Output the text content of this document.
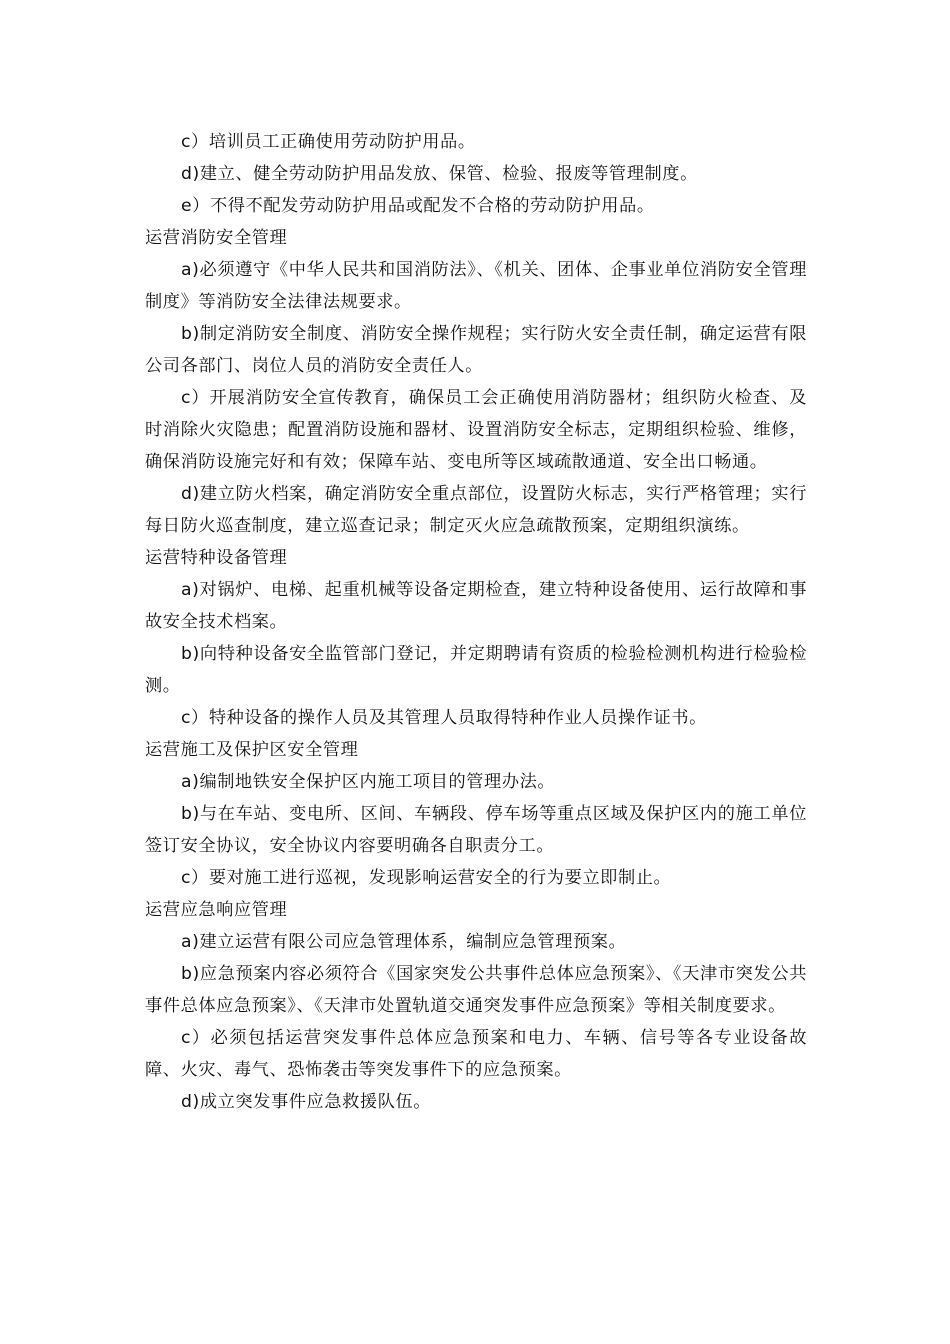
c）培训员工正确使用劳动防护用品。

d)建立、健全劳动防护用品发放、保管、检验、报废等管理制度。

e）不得不配发劳动防护用品或配发不合格的劳动防护用品。

运营消防安全管理

a)必须遵守《中华人民共和国消防法》、《机关、团体、企事业单位消防安全管理制度》等消防安全法律法规要求。

b)制定消防安全制度、消防安全操作规程；实行防火安全责任制，确定运营有限公司各部门、岗位人员的消防安全责任人。

c）开展消防安全宣传教育，确保员工会正确使用消防器材；组织防火检查、及时消除火灾隐患；配置消防设施和器材、设置消防安全标志，定期组织检验、维修，确保消防设施完好和有效；保障车站、变电所等区域疏散通道、安全出口畅通。

d)建立防火档案，确定消防安全重点部位，设置防火标志，实行严格管理；实行每日防火巡查制度，建立巡查记录；制定灭火应急疏散预案，定期组织演练。

运营特种设备管理

a)对锅炉、电梯、起重机械等设备定期检查，建立特种设备使用、运行故障和事故安全技术档案。

b)向特种设备安全监管部门登记，并定期聘请有资质的检验检测机构进行检验检测。

c）特种设备的操作人员及其管理人员取得特种作业人员操作证书。

运营施工及保护区安全管理

a)编制地铁安全保护区内施工项目的管理办法。

b)与在车站、变电所、区间、车辆段、停车场等重点区域及保护区内的施工单位签订安全协议，安全协议内容要明确各自职责分工。

c）要对施工进行巡视，发现影响运营安全的行为要立即制止。

运营应急响应管理

a)建立运营有限公司应急管理体系，编制应急管理预案。

b)应急预案内容必须符合《国家突发公共事件总体应急预案》、《天津市突发公共事件总体应急预案》、《天津市处置轨道交通突发事件应急预案》等相关制度要求。

c）必须包括运营突发事件总体应急预案和电力、车辆、信号等各专业设备故障、火灾、毒气、恐怖袭击等突发事件下的应急预案。

d)成立突发事件应急救援队伍。
